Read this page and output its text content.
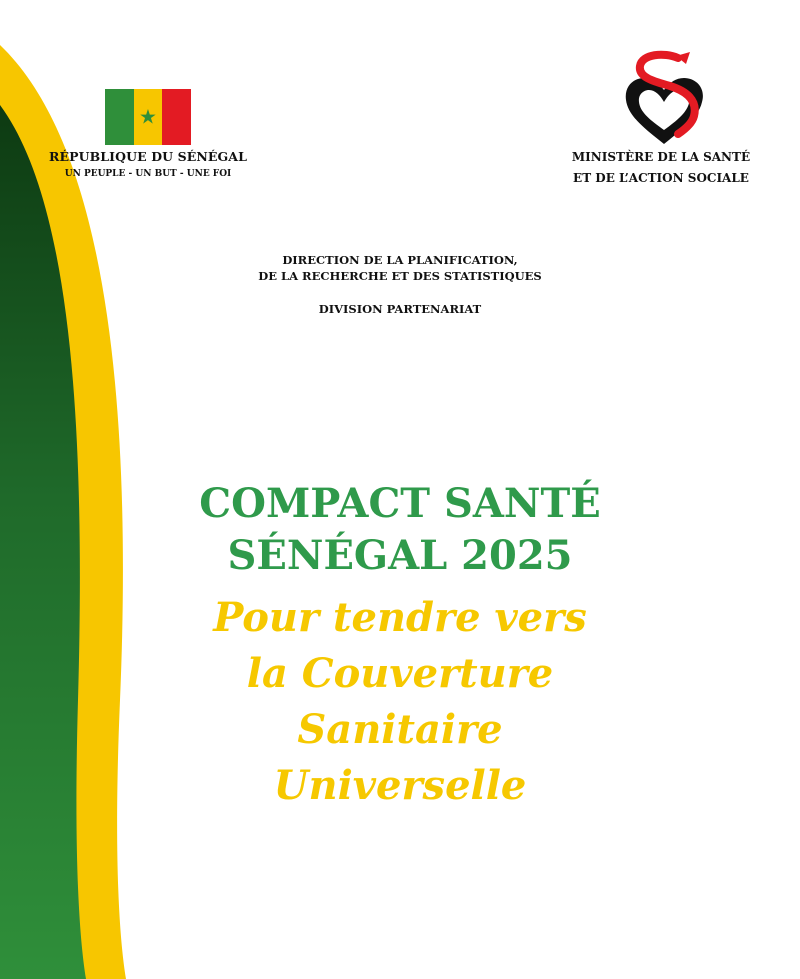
★
RÉPUBLIQUE DU SÉNÉGAL
UN PEUPLE - UN BUT - UNE FOI
MINISTÈRE DE LA SANTÉ
ET DE L’ACTION SOCIALE
DIRECTION DE LA PLANIFICATION,
DE LA RECHERCHE ET DES STATISTIQUES
DIVISION PARTENARIAT
COMPACT SANTÉ
SÉNÉGAL 2025
Pour tendre vers
la Couverture
Sanitaire
Universelle
